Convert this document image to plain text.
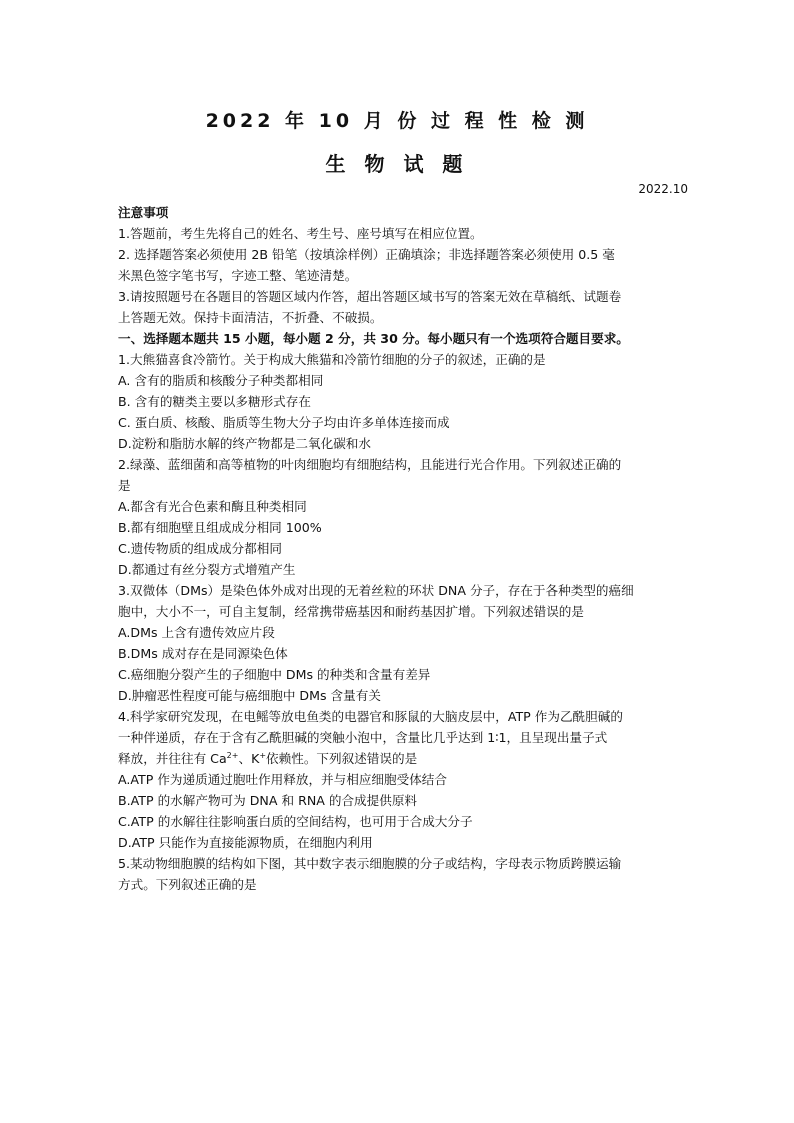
2022 年 10 月 份 过 程 性 检 测
生 物 试 题
2022.10
注意事项
1.答题前，考生先将自己的姓名、考生号、座号填写在相应位置。
2. 选择题答案必须使用 2B 铅笔（按填涂样例）正确填涂；非选择题答案必须使用 0.5 毫
米黑色签字笔书写，字迹工整、笔迹清楚。
3.请按照题号在各题目的答题区域内作答，超出答题区域书写的答案无效在草稿纸、试题卷
上答题无效。保持卡面清洁，不折叠、不破损。
一、选择题本题共 15 小题，每小题 2 分，共 30 分。每小题只有一个选项符合题目要求。
1.大熊猫喜食冷箭竹。关于构成大熊猫和冷箭竹细胞的分子的叙述，正确的是
A. 含有的脂质和核酸分子种类都相同
B. 含有的糖类主要以多糖形式存在
C. 蛋白质、核酸、脂质等生物大分子均由许多单体连接而成
D.淀粉和脂肪水解的终产物都是二氧化碳和水
2.绿藻、蓝细菌和高等植物的叶肉细胞均有细胞结构，且能进行光合作用。下列叙述正确的
是
A.都含有光合色素和酶且种类相同
B.都有细胞壁且组成成分相同 100%
C.遗传物质的组成成分都相同
D.都通过有丝分裂方式增殖产生
3.双微体（DMs）是染色体外成对出现的无着丝粒的环状 DNA 分子，存在于各种类型的癌细
胞中，大小不一，可自主复制，经常携带癌基因和耐药基因扩增。下列叙述错误的是
A.DMs 上含有遗传效应片段
B.DMs 成对存在是同源染色体
C.癌细胞分裂产生的子细胞中 DMs 的种类和含量有差异
D.肿瘤恶性程度可能与癌细胞中 DMs 含量有关
4.科学家研究发现，在电鳐等放电鱼类的电器官和豚鼠的大脑皮层中，ATP 作为乙酰胆碱的
一种伴递质，存在于含有乙酰胆碱的突触小泡中，含量比几乎达到 1∶1，且呈现出量子式
释放，并往往有 $Ca^{2+}$、K+依赖性。下列叙述错误的是
A.ATP 作为递质通过胞吐作用释放，并与相应细胞受体结合
B.ATP 的水解产物可为 DNA 和 RNA 的合成提供原料
C.ATP 的水解往往影响蛋白质的空间结构，也可用于合成大分子
D.ATP 只能作为直接能源物质，在细胞内利用
5.某动物细胞膜的结构如下图，其中数字表示细胞膜的分子或结构，字母表示物质跨膜运输
方式。下列叙述正确的是
